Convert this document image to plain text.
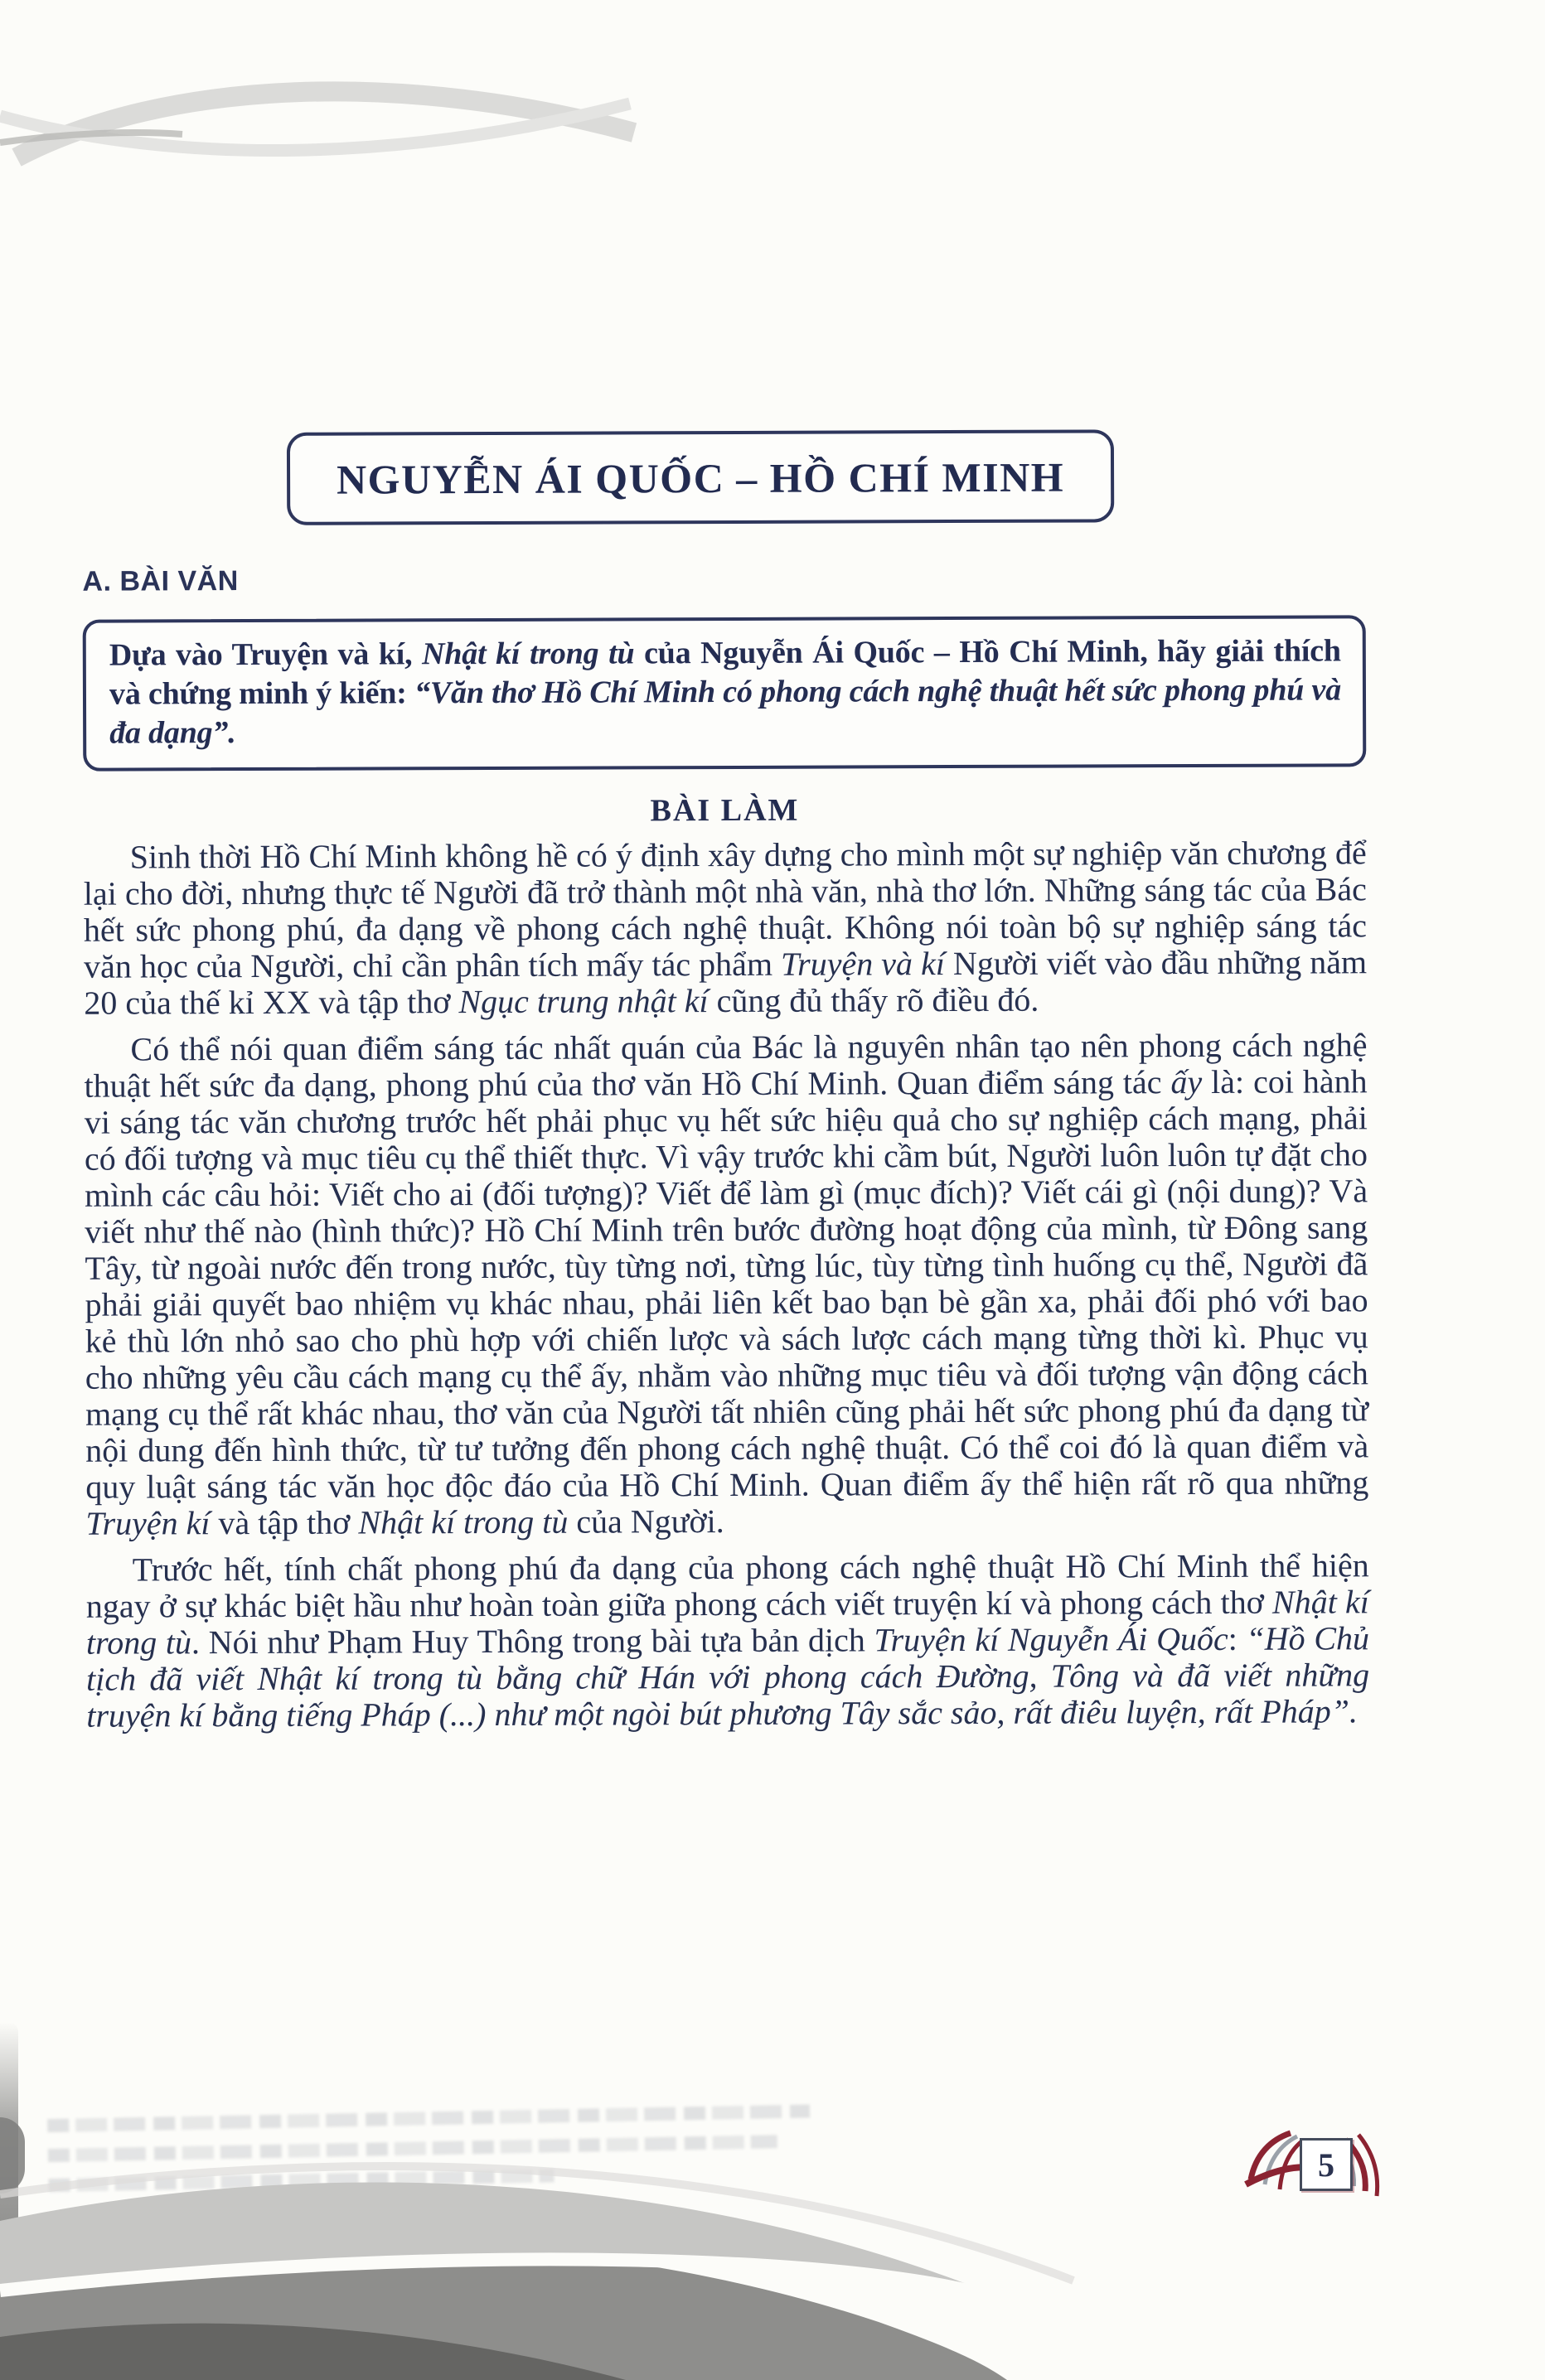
NGUYỄN ÁI QUỐC – HỒ CHÍ MINH
A. BÀI VĂN

Dựa vào Truyện và kí, Nhật kí trong tù của Nguyễn Ái Quốc – Hồ Chí Minh, hãy giải thích và chứng minh ý kiến: “Văn thơ Hồ Chí Minh có phong cách nghệ thuật hết sức phong phú và đa dạng”.

BÀI LÀM

Sinh thời Hồ Chí Minh không hề có ý định xây dựng cho mình một sự nghiệp văn chương để lại cho đời, nhưng thực tế Người đã trở thành một nhà văn, nhà thơ lớn. Những sáng tác của Bác hết sức phong phú, đa dạng về phong cách nghệ thuật. Không nói toàn bộ sự nghiệp sáng tác văn học của Người, chỉ cần phân tích mấy tác phẩm Truyện và kí Người viết vào đầu những năm 20 của thế kỉ XX và tập thơ Ngục trung nhật kí cũng đủ thấy rõ điều đó.

Có thể nói quan điểm sáng tác nhất quán của Bác là nguyên nhân tạo nên phong cách nghệ thuật hết sức đa dạng, phong phú của thơ văn Hồ Chí Minh. Quan điểm sáng tác ấy là: coi hành vi sáng tác văn chương trước hết phải phục vụ hết sức hiệu quả cho sự nghiệp cách mạng, phải có đối tượng và mục tiêu cụ thể thiết thực. Vì vậy trước khi cầm bút, Người luôn luôn tự đặt cho mình các câu hỏi: Viết cho ai (đối tượng)? Viết để làm gì (mục đích)? Viết cái gì (nội dung)? Và viết như thế nào (hình thức)? Hồ Chí Minh trên bước đường hoạt động của mình, từ Đông sang Tây, từ ngoài nước đến trong nước, tùy từng nơi, từng lúc, tùy từng tình huống cụ thể, Người đã phải giải quyết bao nhiệm vụ khác nhau, phải liên kết bao bạn bè gần xa, phải đối phó với bao kẻ thù lớn nhỏ sao cho phù hợp với chiến lược và sách lược cách mạng từng thời kì. Phục vụ cho những yêu cầu cách mạng cụ thể ấy, nhằm vào những mục tiêu và đối tượng vận động cách mạng cụ thể rất khác nhau, thơ văn của Người tất nhiên cũng phải hết sức phong phú đa dạng từ nội dung đến hình thức, từ tư tưởng đến phong cách nghệ thuật. Có thể coi đó là quan điểm và quy luật sáng tác văn học độc đáo của Hồ Chí Minh. Quan điểm ấy thể hiện rất rõ qua những Truyện kí và tập thơ Nhật kí trong tù của Người.

Trước hết, tính chất phong phú đa dạng của phong cách nghệ thuật Hồ Chí Minh thể hiện ngay ở sự khác biệt hầu như hoàn toàn giữa phong cách viết truyện kí và phong cách thơ Nhật kí trong tù. Nói như Phạm Huy Thông trong bài tựa bản dịch Truyện kí Nguyễn Ái Quốc: “Hồ Chủ tịch đã viết Nhật kí trong tù bằng chữ Hán với phong cách Đường, Tông và đã viết những truyện kí bằng tiếng Pháp (...) như một ngòi bút phương Tây sắc sảo, rất điêu luyện, rất Pháp”.

5
